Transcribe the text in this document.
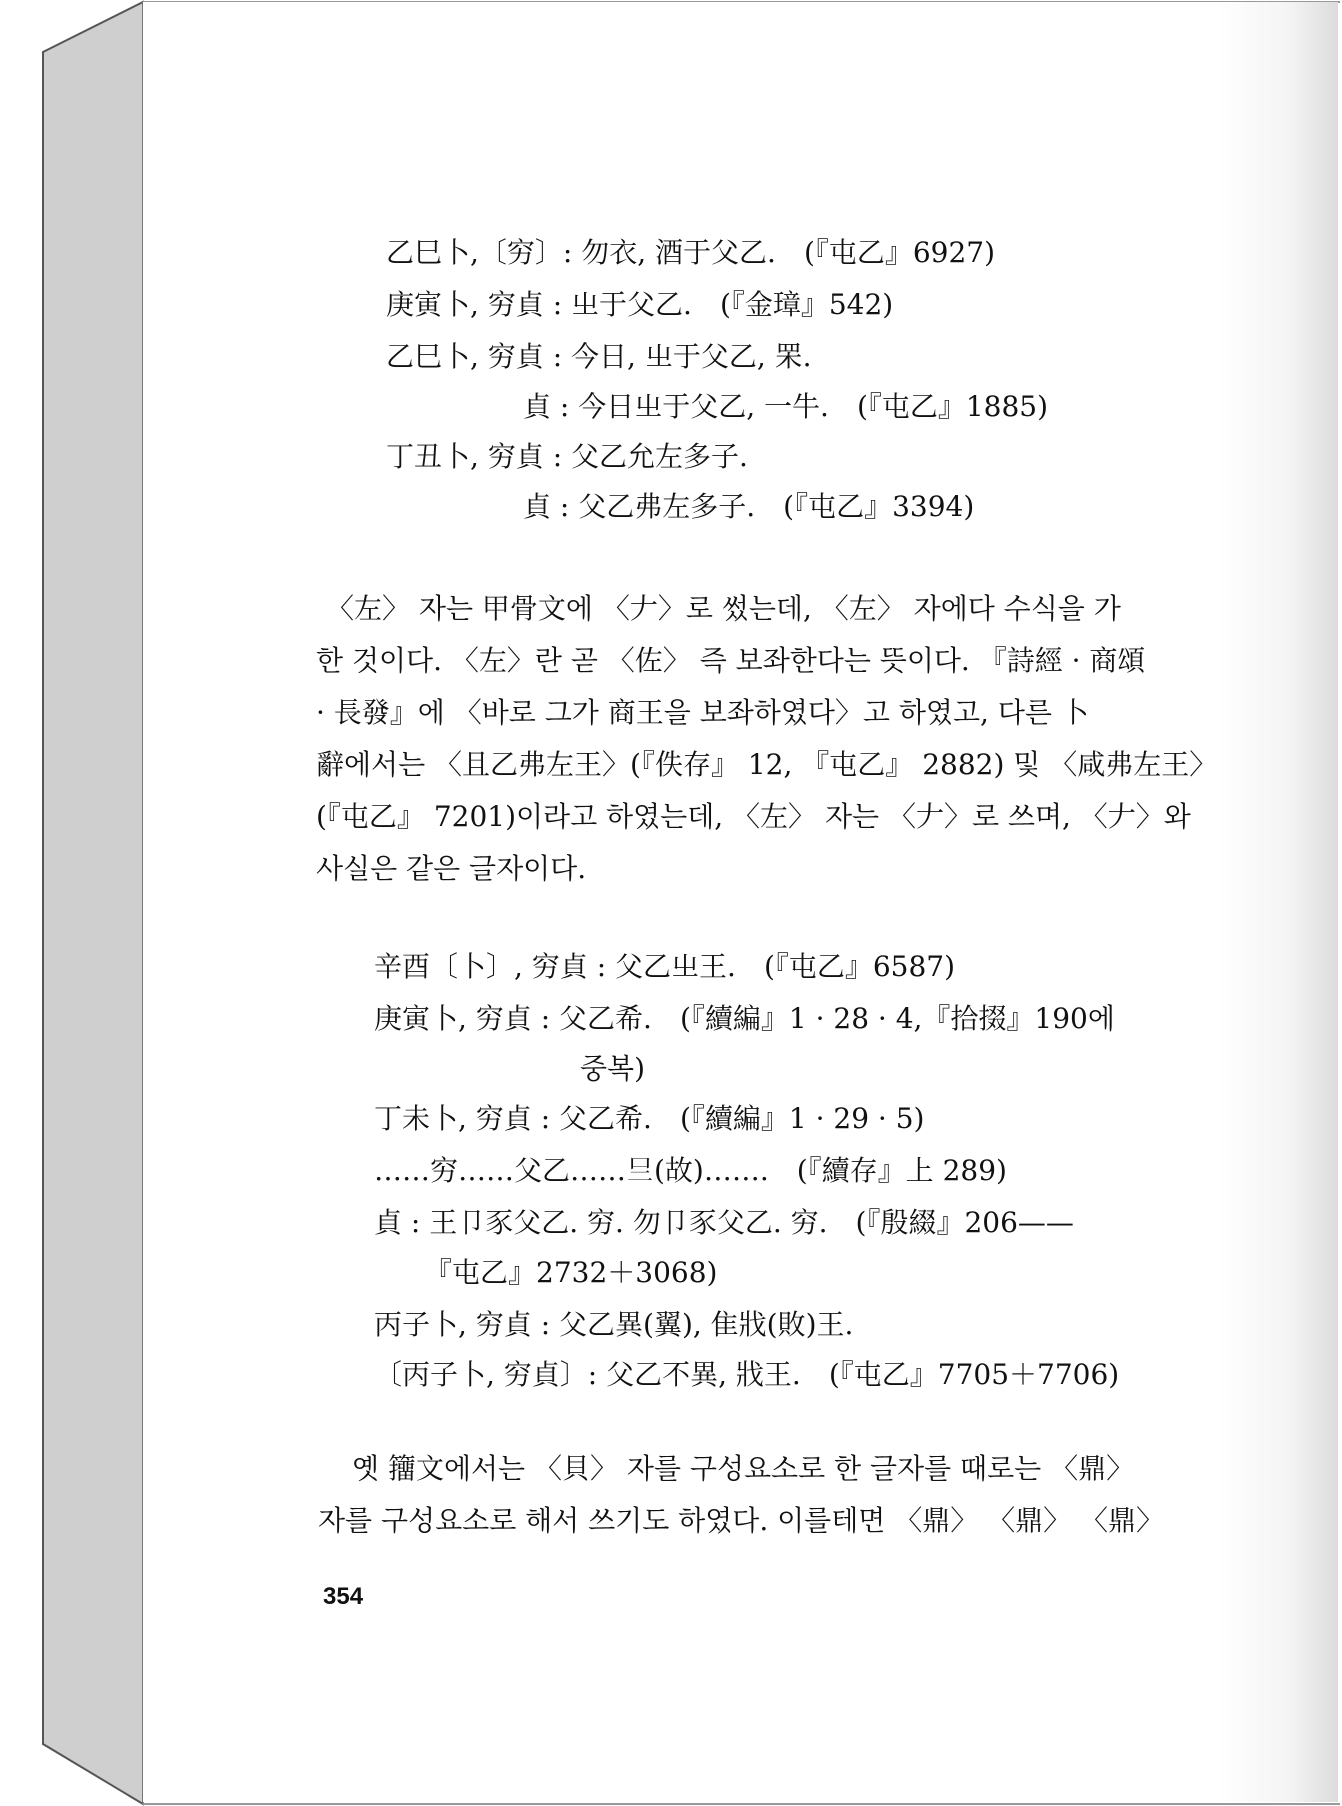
乙巳卜,〔穷〕: 勿衣, 酒于父乙. (『屯乙』6927)
庚寅卜, 穷貞 : 㞢于父乙. (『金璋』542)
乙巳卜, 穷貞 : 今日, 㞢于父乙, 䍒.
貞 : 今日㞢于父乙, 一牛. (『屯乙』1885)
丁丑卜, 穷貞 : 父乙允左多子.
貞 : 父乙弗左多子. (『屯乙』3394)
〈左〉 자는 甲骨文에 〈𠂇〉로 썼는데, 〈左〉 자에다 수식을 가
한 것이다. 〈左〉란 곧 〈佐〉 즉 보좌한다는 뜻이다. 『詩經 · 商頌
· 長發』에 〈바로 그가 商王을 보좌하였다〉고 하였고, 다른 卜
辭에서는 〈且乙弗左王〉(『佚存』 12, 『屯乙』 2882) 및 〈咸弗左王〉
(『屯乙』 7201)이라고 하였는데, 〈左〉 자는 〈𠂇〉로 쓰며, 〈𠂇〉와
사실은 같은 글자이다.
辛酉〔卜〕, 穷貞 : 父乙㞢王. (『屯乙』6587)
庚寅卜, 穷貞 : 父乙希. (『續編』1 · 28 · 4,『拾掇』190에
중복)
丁未卜, 穷貞 : 父乙希. (『續編』1 · 29 · 5)
……穷……父乙……𠮡(故)……. (『續存』上 289)
貞 : 王卩豕父乙. 穷. 勿卩豕父乙. 穷. (『殷綴』206——
『屯乙』2732＋3068)
丙子卜, 穷貞 : 父乙異(翼), 隹戕(敗)王.
〔丙子卜, 穷貞〕: 父乙不異, 戕王. (『屯乙』7705＋7706)
옛 籒文에서는 〈貝〉 자를 구성요소로 한 글자를 때로는 〈鼎〉
자를 구성요소로 해서 쓰기도 하였다. 이를테면 〈鼎〉 〈鼎〉 〈鼎〉
354
